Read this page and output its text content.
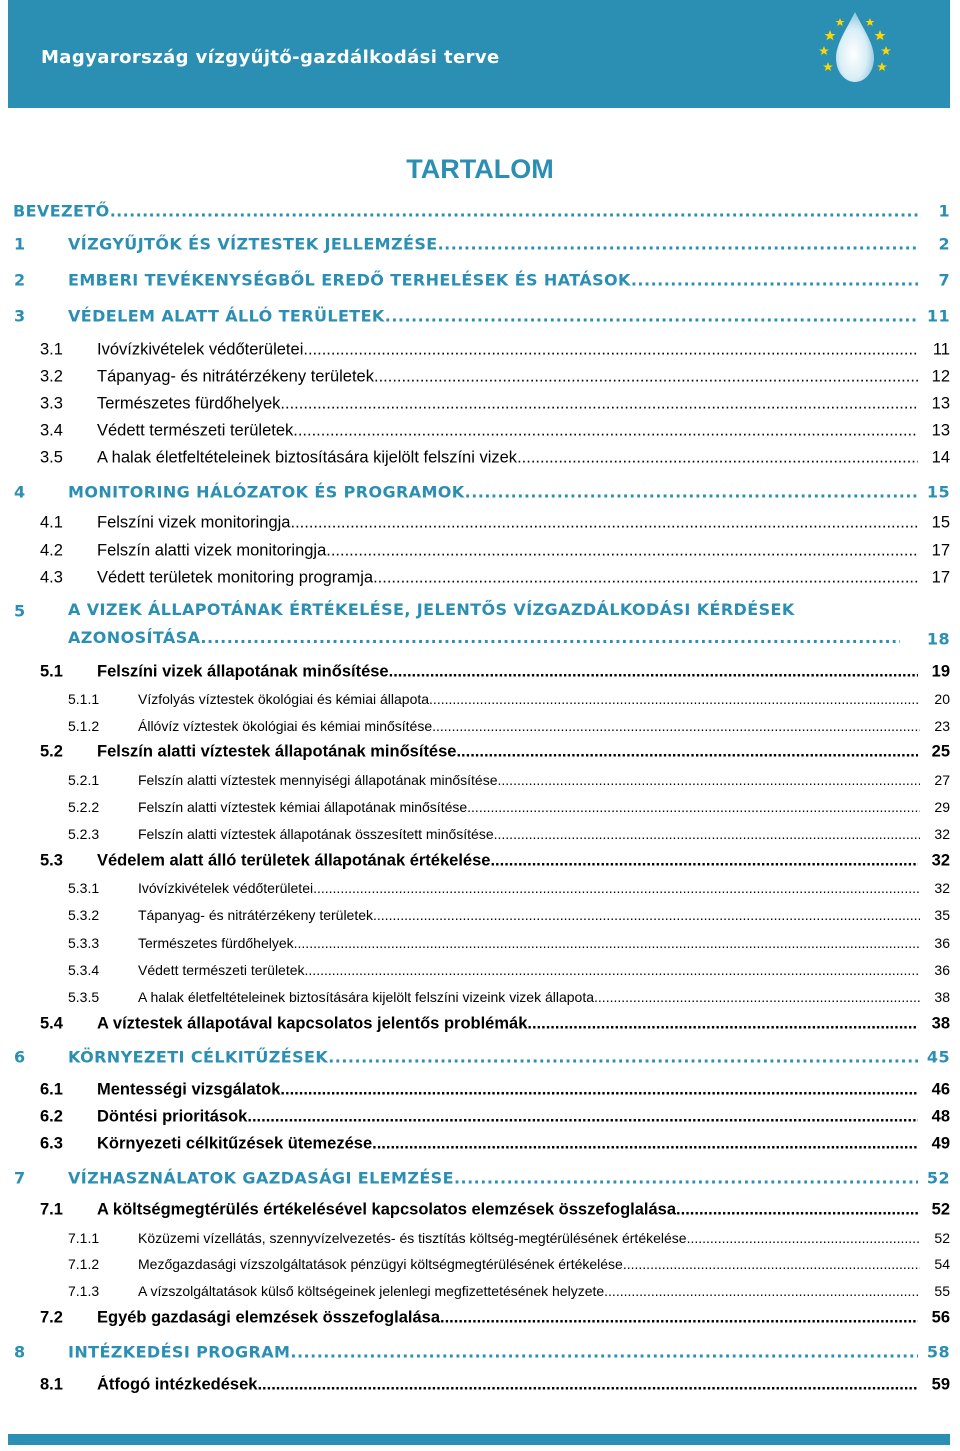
Magyarország vízgyűjtő-gazdálkodási terve
TARTALOM
BEVEZETŐ .....	1
1	VÍZGYŰJTŐK ÉS VÍZTESTEK JELLEMZÉSE .....	2
2	EMBERI TEVÉKENYSÉGBŐL EREDŐ TERHELÉSEK ÉS HATÁSOK .....	7
3	VÉDELEM ALATT ÁLLÓ TERÜLETEK .....	11
3.1 Ivóvízkivételek védőterületei .....	11
3.2 Tápanyag- és nitrátérzékeny területek .....	12
3.3 Természetes fürdőhelyek .....	13
3.4 Védett természeti területek .....	13
3.5 A halak életfeltételeinek biztosítására kijelölt felszíni vizek .....	14
4	MONITORING HÁLÓZATOK ÉS PROGRAMOK .....	15
4.1 Felszíni vizek monitoringja .....	15
4.2 Felszín alatti vizek monitoringja .....	17
4.3 Védett területek monitoring programja .....	17
5	A VIZEK ÁLLAPOTÁNAK ÉRTÉKELÉSE, JELENTŐS VÍZGAZDÁLKODÁSI KÉRDÉSEK
AZONOSÍTÁSA .....	18
5.1 Felszíni vizek állapotának minősítése .....	19
5.1.1	Vízfolyás víztestek ökológiai és kémiai állapota .....	20
5.1.2	Állóvíz víztestek ökológiai és kémiai minősítése .....	23
5.2 Felszín alatti víztestek állapotának minősítése .....	25
5.2.1	Felszín alatti víztestek mennyiségi állapotának minősítése .....	27
5.2.2	Felszín alatti víztestek kémiai állapotának minősítése .....	29
5.2.3	Felszín alatti víztestek állapotának összesített minősítése .....	32
5.3 Védelem alatt álló területek állapotának értékelése .....	32
5.3.1	Ivóvízkivételek védőterületei .....	32
5.3.2	Tápanyag- és nitrátérzékeny területek .....	35
5.3.3	Természetes fürdőhelyek .....	36
5.3.4	Védett természeti területek .....	36
5.3.5	A halak életfeltételeinek biztosítására kijelölt felszíni vizeink vizek állapota .....	38
5.4 A víztestek állapotával kapcsolatos jelentős problémák .....	38
6	KÖRNYEZETI CÉLKITŰZÉSEK .....	45
6.1 Mentességi vizsgálatok .....	46
6.2 Döntési prioritások .....	48
6.3 Környezeti célkitűzések ütemezése .....	49
7	VÍZHASZNÁLATOK GAZDASÁGI ELEMZÉSE .....	52
7.1 A költségmegtérülés értékelésével kapcsolatos elemzések összefoglalása .....	52
7.1.1	Közüzemi vízellátás, szennyvízelvezetés- és tisztítás költség-megtérülésének értékelése .....	52
7.1.2	Mezőgazdasági vízszolgáltatások pénzügyi költségmegtérülésének értékelése .....	54
7.1.3	A vízszolgáltatások külső költségeinek jelenlegi megfizettetésének helyzete .....	55
7.2 Egyéb gazdasági elemzések összefoglalása .....	56
8	INTÉZKEDÉSI PROGRAM .....	58
8.1 Átfogó intézkedések .....	59
